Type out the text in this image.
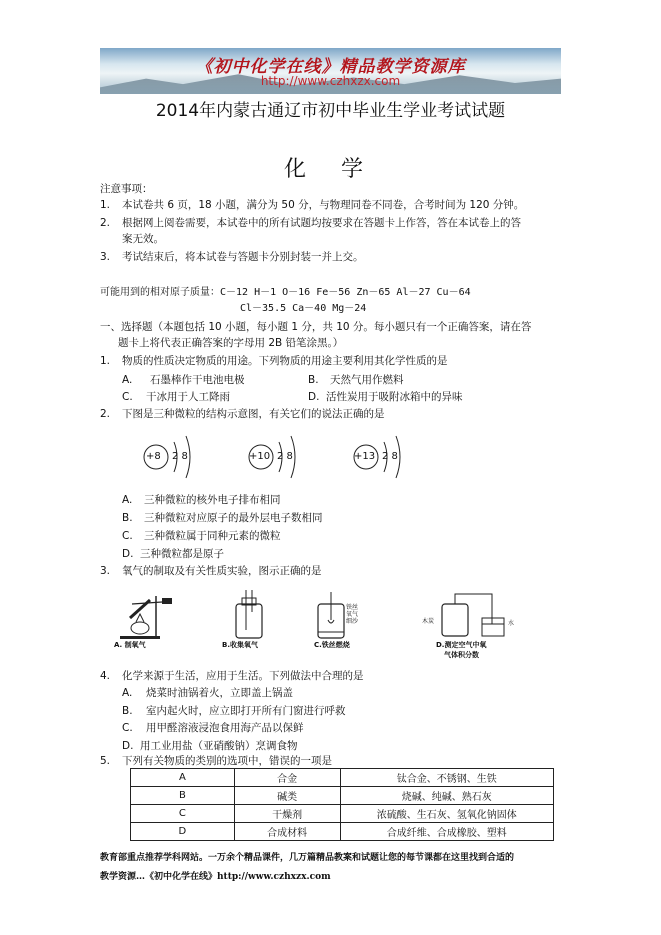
《初中化学在线》精品教学资源库
http://www.czhxzx.com
2014年内蒙古通辽市初中毕业生学业考试试题
化 学
注意事项：
1. 本试卷共 6 页，18 小题，满分为 50 分，与物理同卷不同卷，合考时间为 120 分钟。
2. 根据网上阅卷需要，本试卷中的所有试题均按要求在答题卡上作答，答在本试卷上的答
案无效。
3. 考试结束后，将本试卷与答题卡分别封装一并上交。
可能用到的相对原子质量：C－12 H－1 O－16 Fe－56 Zn－65 Al－27 Cu－64
Cl－35.5 Ca－40 Mg－24
一、选择题（本题包括 10 小题，每小题 1 分，共 10 分。每小题只有一个正确答案，请在答
题卡上将代表正确答案的字母用 2B 铅笔涂黑。）
1. 物质的性质决定物质的用途。下列物质的用途主要利用其化学性质的是
A. 石墨棒作干电池电极	B. 天然气用作燃料
C. 干冰用于人工降雨	D. 活性炭用于吸附冰箱中的异味
2. 下图是三种微粒的结构示意图，有关它们的说法正确的是
+8 2 8	+10 2 8	+13 2 8
A. 三种微粒的核外电子排布相同
B. 三种微粒对应原子的最外层电子数相同
C. 三种微粒属于同种元素的微粒
D. 三种微粒都是原子
3. 氧气的制取及有关性质实验，图示正确的是
A. 制氧气	B.收集氧气
铁丝
氧气
细沙
C.铁丝燃烧
木炭	水
D.测定空气中氧
气体积分数
4. 化学来源于生活，应用于生活。下列做法中合理的是
A. 烧菜时油锅着火，立即盖上锅盖
B. 室内起火时，应立即打开所有门窗进行呼救
C. 用甲醛溶液浸泡食用海产品以保鲜
D. 用工业用盐（亚硝酸钠）烹调食物
5. 下列有关物质的类别的选项中，错误的一项是
A	合金	钛合金、不锈钢、生铁
B	碱类	烧碱、纯碱、熟石灰
C	干燥剂	浓硫酸、生石灰、氢氧化钠固体
D	合成材料	合成纤维、合成橡胶、塑料
教育部重点推荐学科网站。一万余个精品课件，几万篇精品教案和试题让您的每节课都在这里找到合适的
教学资源…《初中化学在线》http://www.czhxzx.com
